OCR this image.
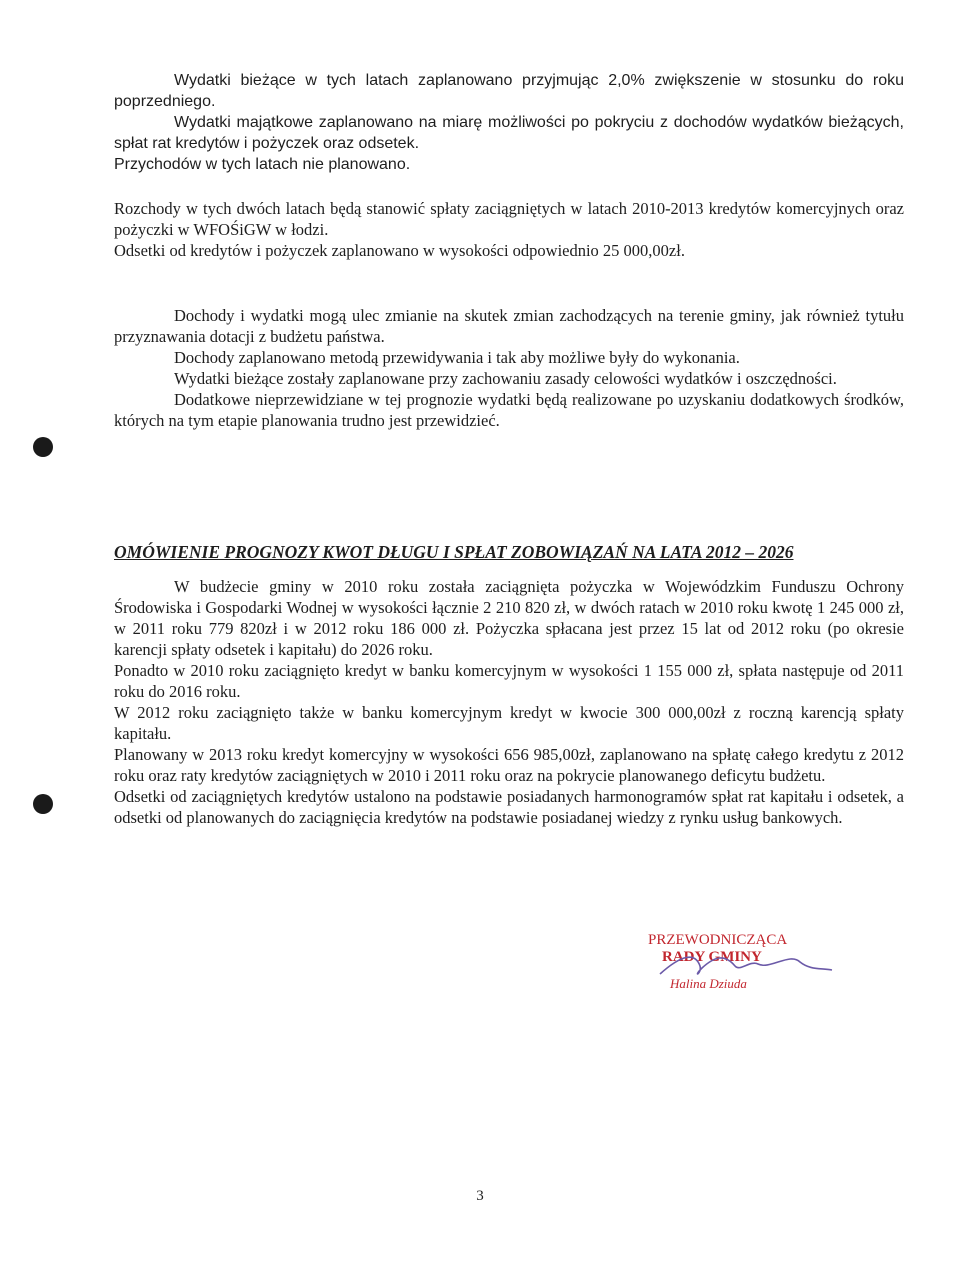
Wydatki bieżące w tych latach zaplanowano przyjmując 2,0% zwiększenie w stosunku do roku poprzedniego.

Wydatki majątkowe zaplanowano na miarę możliwości po pokryciu z dochodów wydatków bieżących, spłat rat kredytów i pożyczek oraz odsetek.

Przychodów w tych latach nie planowano.

Rozchody w tych dwóch latach będą stanowić spłaty zaciągniętych w latach 2010-2013 kredytów komercyjnych oraz pożyczki w WFOŚiGW w łodzi.

Odsetki od kredytów i pożyczek zaplanowano w wysokości odpowiednio 25 000,00zł.

Dochody i wydatki mogą ulec zmianie na skutek zmian zachodzących na terenie gminy, jak również tytułu przyznawania dotacji z budżetu państwa.

Dochody zaplanowano metodą przewidywania i tak aby możliwe były do wykonania.

Wydatki bieżące zostały zaplanowane przy zachowaniu zasady celowości wydatków i oszczędności.

Dodatkowe nieprzewidziane w tej prognozie wydatki będą realizowane po uzyskaniu dodatkowych środków, których na tym etapie planowania trudno jest przewidzieć.

OMÓWIENIE PROGNOZY KWOT DŁUGU I SPŁAT ZOBOWIĄZAŃ NA LATA 2012 – 2026

W budżecie gminy w 2010 roku została zaciągnięta pożyczka w Wojewódzkim Funduszu Ochrony Środowiska i Gospodarki Wodnej w wysokości łącznie 2 210 820 zł, w dwóch ratach w 2010 roku kwotę 1 245 000 zł, w 2011 roku 779 820zł i w 2012 roku 186 000 zł. Pożyczka spłacana jest przez 15 lat od 2012 roku (po okresie karencji spłaty odsetek i kapitału) do 2026 roku.

Ponadto w 2010 roku zaciągnięto kredyt w banku komercyjnym w wysokości 1 155 000 zł, spłata następuje od 2011 roku do 2016 roku.

W 2012 roku zaciągnięto także w banku komercyjnym kredyt w kwocie 300 000,00zł z roczną karencją spłaty kapitału.

Planowany w 2013 roku kredyt komercyjny w wysokości 656 985,00zł, zaplanowano na spłatę całego kredytu z 2012 roku oraz raty kredytów zaciągniętych w 2010 i 2011 roku oraz na pokrycie planowanego deficytu budżetu.

Odsetki od zaciągniętych kredytów ustalono na podstawie posiadanych harmonogramów spłat rat kapitału i odsetek, a odsetki od planowanych do zaciągnięcia kredytów na podstawie posiadanej wiedzy z rynku usług bankowych.

PRZEWODNICZĄCA
RADY GMINY
Halina Dziuda
3
